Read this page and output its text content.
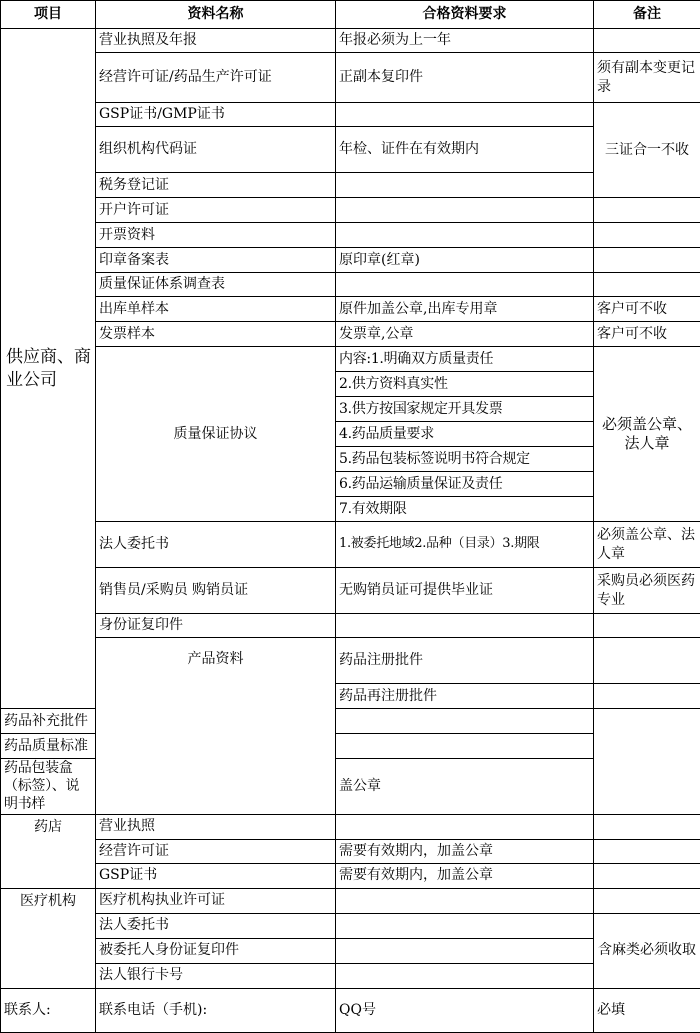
项目	资料名称	合格资料要求	备注	
供应商、商业公司	营业执照及年报	年报必须为上一年		
	经营许可证/药品生产许可证	正副本复印件	须有副本变更记录	
	GSP证书/GMP证书		三证合一不收	
	组织机构代码证	年检、证件在有效期内		
	税务登记证			
	开户许可证			
	开票资料			
	印章备案表	原印章(红章)		
	质量保证体系调查表			
	出库单样本	原件加盖公章,出库专用章	客户可不收	
	发票样本	发票章,公章	客户可不收	
	质量保证协议	内容:1.明确双方质量责任	必须盖公章、法人章	
		2.供方资料真实性		
		3.供方按国家规定开具发票		
		4.药品质量要求		
		5.药品包装标签说明书符合规定		
		6.药品运输质量保证及责任		
		7.有效期限		
	法人委托书	1.被委托地域2.品种（目录）3.期限	必须盖公章、法人章	
	销售员/采购员 购销员证	无购销员证可提供毕业证	采购员必须医药专业	
	身份证复印件			
	产品资料	药品注册批件		
		药品再注册批件		
药品补充批件				
药品质量标准				
药品包装盒（标签）、说明书样		盖公章		
药店	营业执照			
	经营许可证	需要有效期内，加盖公章		
	GSP证书	需要有效期内，加盖公章		
医疗机构	医疗机构执业许可证			
	法人委托书		含麻类必须收取	
	被委托人身份证复印件			
	法人银行卡号			
联系人:	联系电话（手机):	QQ号	必填	
